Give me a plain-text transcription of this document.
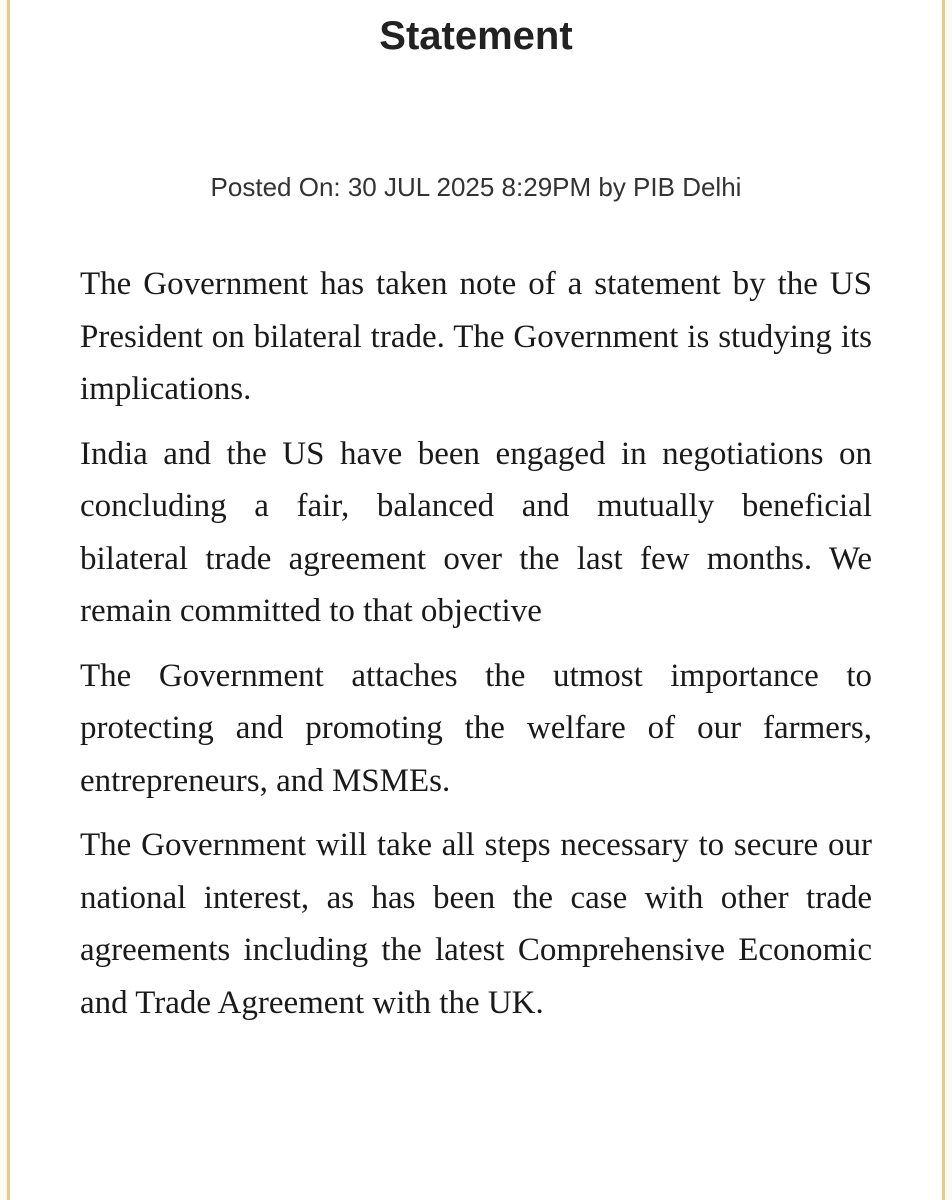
Statement

Posted On: 30 JUL 2025 8:29PM by PIB Delhi

The Government has taken note of a statement by the US President on bilateral trade. The Government is studying its implications.

India and the US have been engaged in negotiations on concluding a fair, balanced and mutually beneficial bilateral trade agreement over the last few months. We remain committed to that objective

The Government attaches the utmost importance to protecting and promoting the welfare of our farmers, entrepreneurs, and MSMEs.

The Government will take all steps necessary to secure our national interest, as has been the case with other trade agreements including the latest Comprehensive Economic and Trade Agreement with the UK.
